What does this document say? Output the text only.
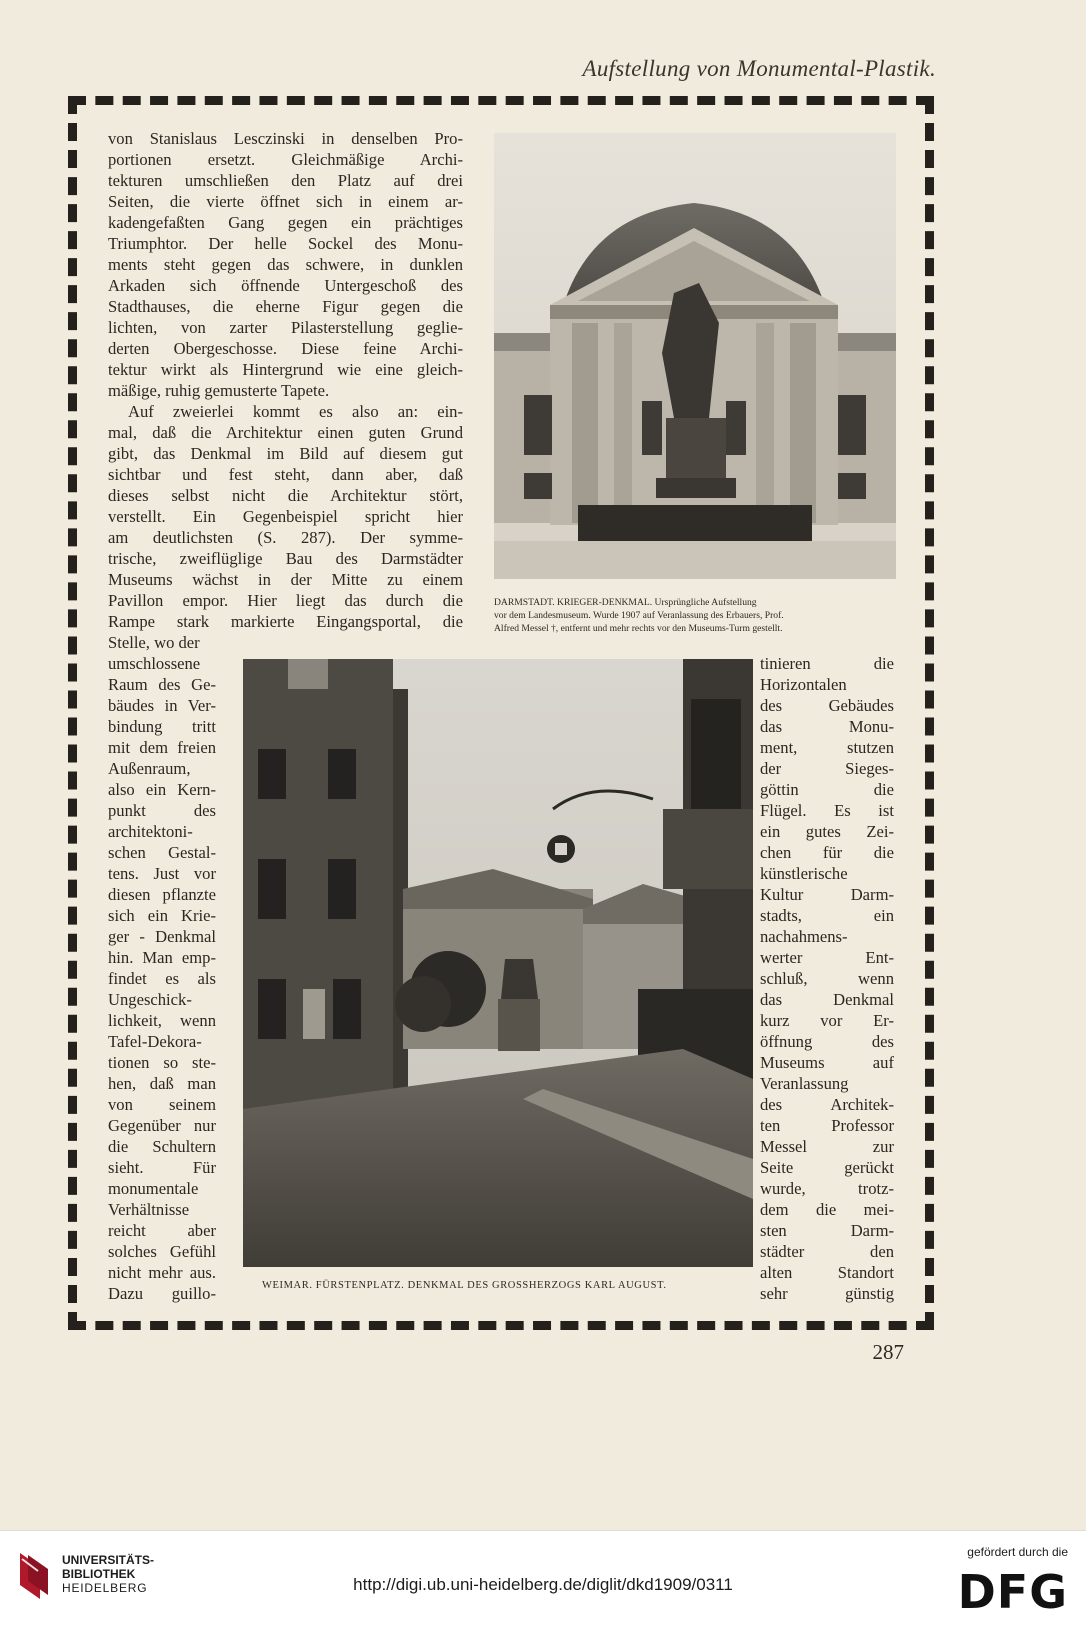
Aufstellung von Monumental-Plastik.
von Stanislaus Lesczinski in denselben Pro-
portionen ersetzt. Gleichmäßige Archi-
tekturen umschließen den Platz auf drei
Seiten, die vierte öffnet sich in einem ar-
kadengefaßten Gang gegen ein prächtiges
Triumphtor. Der helle Sockel des Monu-
ments steht gegen das schwere, in dunklen
Arkaden sich öffnende Untergeschoß des
Stadthauses, die eherne Figur gegen die
lichten, von zarter Pilasterstellung geglie-
derten Obergeschosse. Diese feine Archi-
tektur wirkt als Hintergrund wie eine gleich-
mäßige, ruhig gemusterte Tapete.
Auf zweierlei kommt es also an: ein-
mal, daß die Architektur einen guten Grund
gibt, das Denkmal im Bild auf diesem gut
sichtbar und fest steht, dann aber, daß
dieses selbst nicht die Architektur stört,
verstellt. Ein Gegenbeispiel spricht hier
am deutlichsten (S. 287). Der symme-
trische, zweiflüglige Bau des Darmstädter
Museums wächst in der Mitte zu einem
Pavillon empor. Hier liegt das durch die
Rampe stark markierte Eingangsportal, die
Stelle, wo der
umschlossene
Raum des Ge-
bäudes in Ver-
bindung tritt
mit dem freien
Außenraum,
also ein Kern-
punkt des
architektoni-
schen Gestal-
tens. Just vor
diesen pflanzte
sich ein Krie-
ger - Denkmal
hin. Man emp-
findet es als
Ungeschick-
lichkeit, wenn
Tafel-Dekora-
tionen so ste-
hen, daß man
von seinem
Gegenüber nur
die Schultern
sieht. Für
monumentale
Verhältnisse
reicht aber
solches Gefühl
nicht mehr aus.
Dazu guillo-
tinieren die
Horizontalen
des Gebäudes
das Monu-
ment, stutzen
der Sieges-
göttin die
Flügel. Es ist
ein gutes Zei-
chen für die
künstlerische
Kultur Darm-
stadts, ein
nachahmens-
werter Ent-
schluß, wenn
das Denkmal
kurz vor Er-
öffnung des
Museums auf
Veranlassung
des Architek-
ten Professor
Messel zur
Seite gerückt
wurde, trotz-
dem die mei-
sten Darm-
städter den
alten Standort
sehr günstig
DARMSTADT. KRIEGER-DENKMAL. Ursprüngliche Aufstellung
vor dem Landesmuseum. Wurde 1907 auf Veranlassung des Erbauers, Prof.
Alfred Messel †, entfernt und mehr rechts vor den Museums-Turm gestellt.
WEIMAR. FÜRSTENPLATZ. DENKMAL DES GROSSHERZOGS KARL AUGUST.
287
UNIVERSITÄTS-
BIBLIOTHEK
HEIDELBERG	http://digi.ub.uni-heidelberg.de/diglit/dkd1909/0311
gefördert durch die
DFG
